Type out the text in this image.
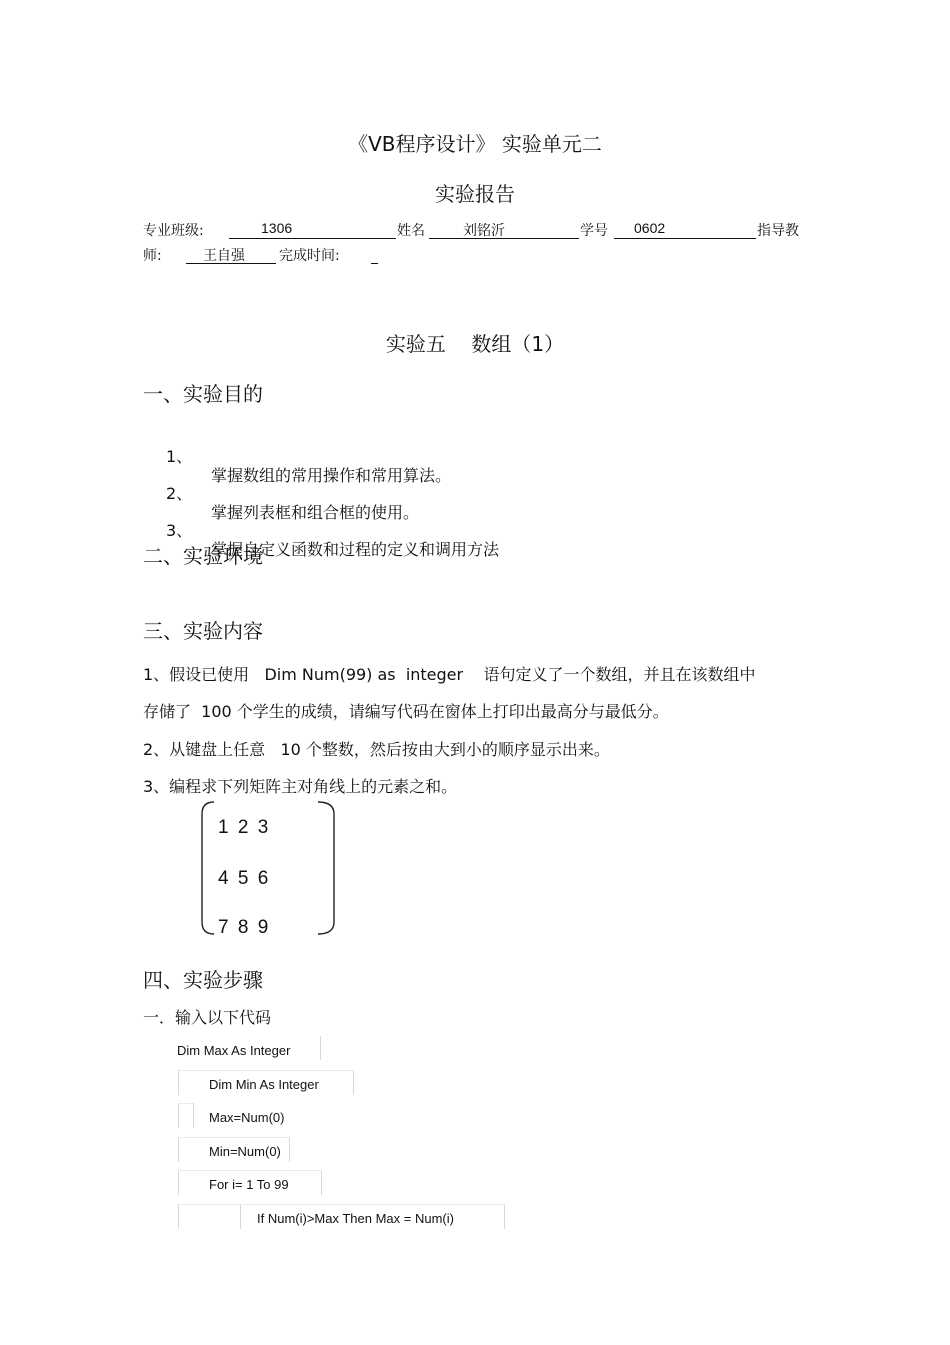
《VB程序设计》 实验单元二
实验报告
专业班级:	1306	姓名	刘铭沂	学号 0602	指导教
师:	王自强 完成时间:
实验五    数组（1）
一、实验目的

1、

掌握数组的常用操作和常用算法。

2、

掌握列表框和组合框的使用。

3、

掌握自定义函数和过程的定义和调用方法

二、实验环境
三、实验内容
1、假设已使用   Dim Num(99) as  integer    语句定义了一个数组，并且在该数组中
存储了  100 个学生的成绩，请编写代码在窗体上打印出最高分与最低分。
2、从键盘上任意   10 个整数，然后按由大到小的顺序显示出来。
3、编程求下列矩阵主对角线上的元素之和。
1 2 3
4 5 6
7 8 9
四、实验步骤
一．输入以下代码
Dim Max As Integer
Dim Min As Integer
Max=Num(0)
Min=Num(0)
For i= 1 To 99
If Num(i)>Max Then Max = Num(i)
